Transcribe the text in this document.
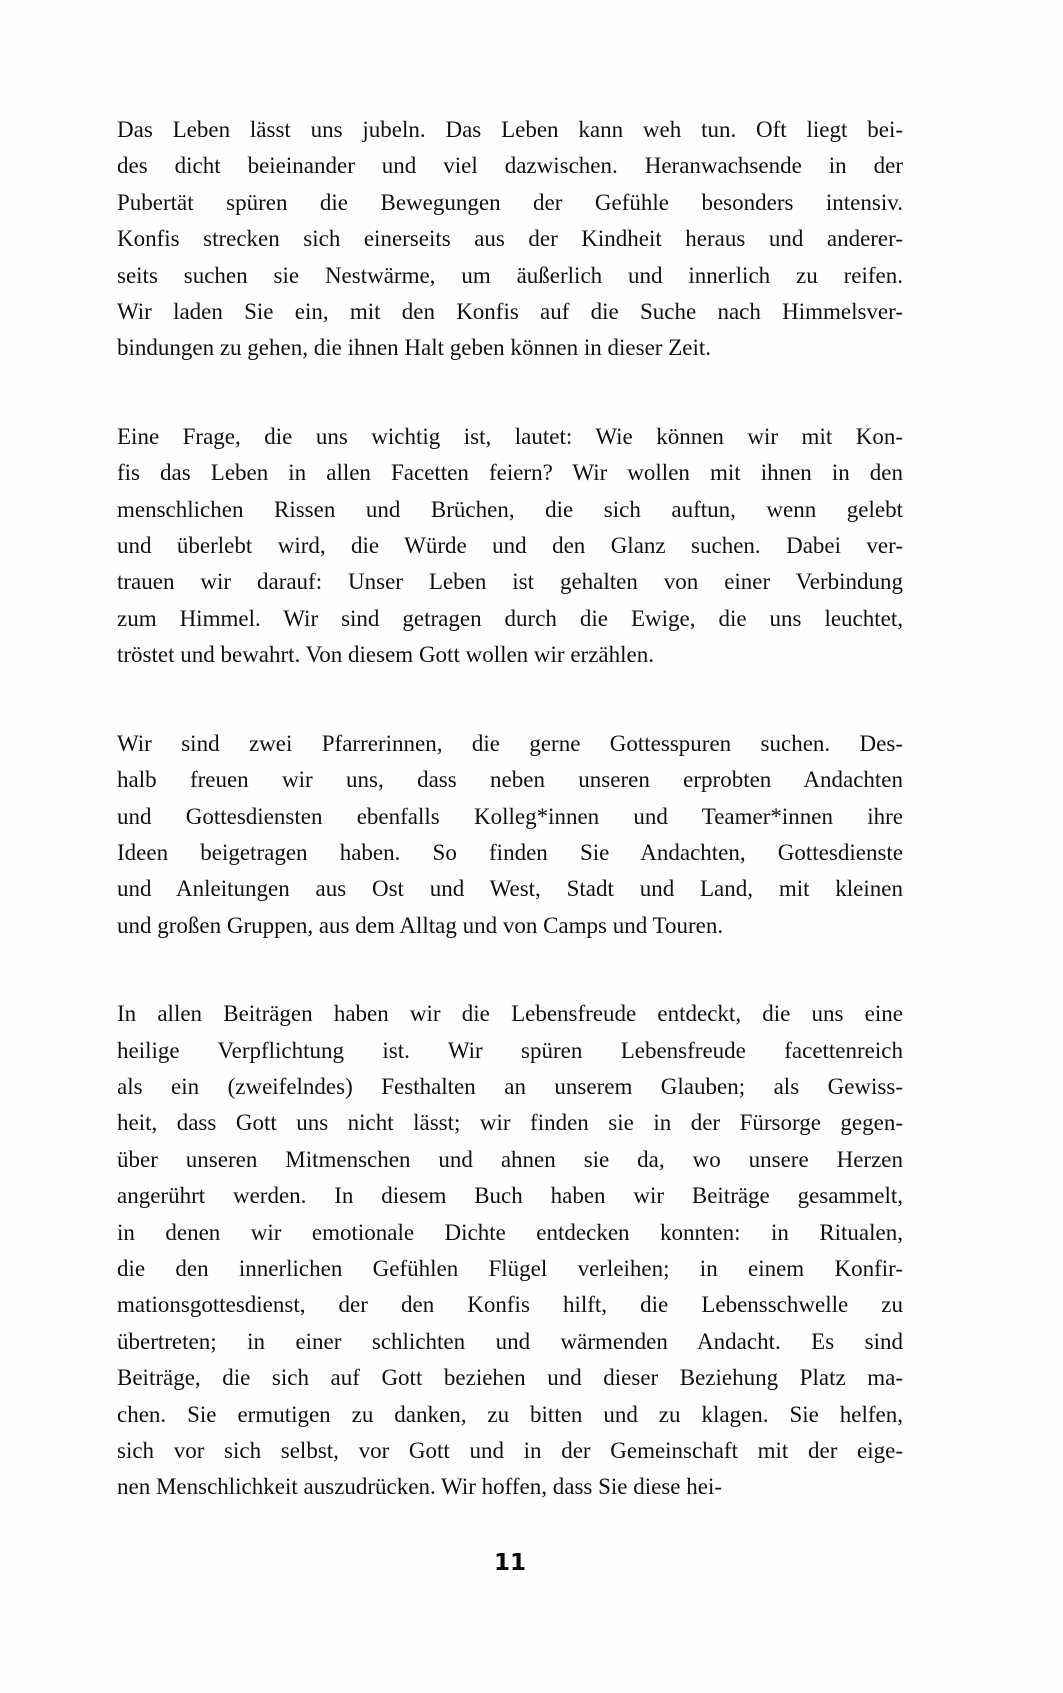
Das Leben lässt uns jubeln. Das Leben kann weh tun. Oft liegt bei-
des dicht beieinander und viel dazwischen. Heranwachsende in der
Pubertät spüren die Bewegungen der Gefühle besonders intensiv.
Konfis strecken sich einerseits aus der Kindheit heraus und anderer-
seits suchen sie Nestwärme, um äußerlich und innerlich zu reifen.
Wir laden Sie ein, mit den Konfis auf die Suche nach Himmelsver-
bindungen zu gehen, die ihnen Halt geben können in dieser Zeit.

Eine Frage, die uns wichtig ist, lautet: Wie können wir mit Kon-
fis das Leben in allen Facetten feiern? Wir wollen mit ihnen in den
menschlichen Rissen und Brüchen, die sich auftun, wenn gelebt
und überlebt wird, die Würde und den Glanz suchen. Dabei ver-
trauen wir darauf: Unser Leben ist gehalten von einer Verbindung
zum Himmel. Wir sind getragen durch die Ewige, die uns leuchtet,
tröstet und bewahrt. Von diesem Gott wollen wir erzählen.

Wir sind zwei Pfarrerinnen, die gerne Gottesspuren suchen. Des-
halb freuen wir uns, dass neben unseren erprobten Andachten
und Gottesdiensten ebenfalls Kolleg*innen und Teamer*innen ihre
Ideen beigetragen haben. So finden Sie Andachten, Gottesdienste
und Anleitungen aus Ost und West, Stadt und Land, mit kleinen
und großen Gruppen, aus dem Alltag und von Camps und Touren.

In allen Beiträgen haben wir die Lebensfreude entdeckt, die uns eine
heilige Verpflichtung ist. Wir spüren Lebensfreude facettenreich
als ein (zweifelndes) Festhalten an unserem Glauben; als Gewiss-
heit, dass Gott uns nicht lässt; wir finden sie in der Fürsorge gegen-
über unseren Mitmenschen und ahnen sie da, wo unsere Herzen
angerührt werden. In diesem Buch haben wir Beiträge gesammelt,
in denen wir emotionale Dichte entdecken konnten: in Ritualen,
die den innerlichen Gefühlen Flügel verleihen; in einem Konfir-
mationsgottesdienst, der den Konfis hilft, die Lebensschwelle zu
übertreten; in einer schlichten und wärmenden Andacht. Es sind
Beiträge, die sich auf Gott beziehen und dieser Beziehung Platz ma-
chen. Sie ermutigen zu danken, zu bitten und zu klagen. Sie helfen,
sich vor sich selbst, vor Gott und in der Gemeinschaft mit der eige-
nen Menschlichkeit auszudrücken. Wir hoffen, dass Sie diese hei-

11
